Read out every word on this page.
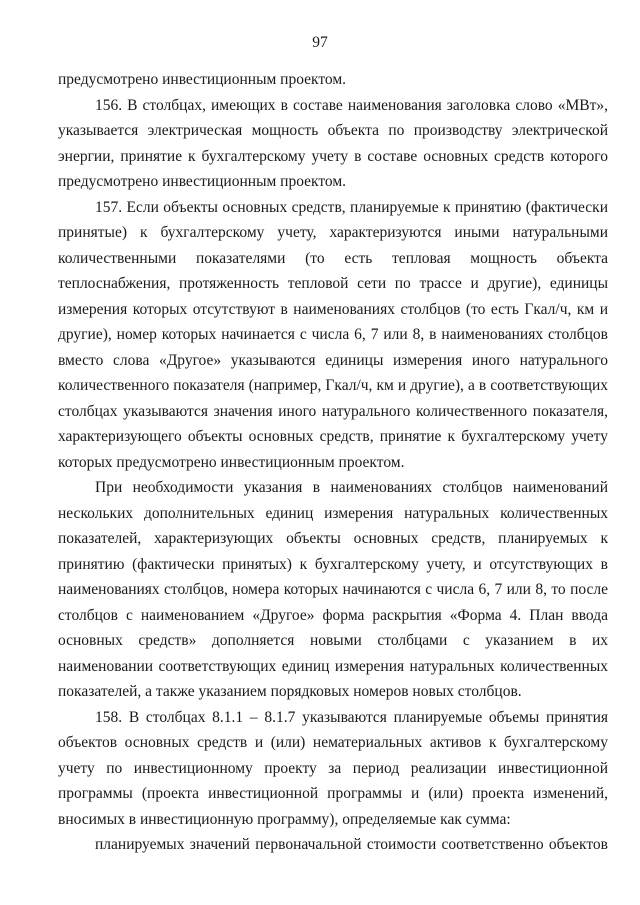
97

предусмотрено инвестиционным проектом.

156. В столбцах, имеющих в составе наименования заголовка слово «МВт», указывается электрическая мощность объекта по производству электрической энергии, принятие к бухгалтерскому учету в составе основных средств которого предусмотрено инвестиционным проектом.

157. Если объекты основных средств, планируемые к принятию (фактически принятые) к бухгалтерскому учету, характеризуются иными натуральными количественными показателями (то есть тепловая мощность объекта теплоснабжения, протяженность тепловой сети по трассе и другие), единицы измерения которых отсутствуют в наименованиях столбцов (то есть Гкал/ч, км и другие), номер которых начинается с числа 6, 7 или 8, в наименованиях столбцов вместо слова «Другое» указываются единицы измерения иного натурального количественного показателя (например, Гкал/ч, км и другие), а в соответствующих столбцах указываются значения иного натурального количественного показателя, характеризующего объекты основных средств, принятие к бухгалтерскому учету которых предусмотрено инвестиционным проектом.

При необходимости указания в наименованиях столбцов наименований нескольких дополнительных единиц измерения натуральных количественных показателей, характеризующих объекты основных средств, планируемых к принятию (фактически принятых) к бухгалтерскому учету, и отсутствующих в наименованиях столбцов, номера которых начинаются с числа 6, 7 или 8, то после столбцов с наименованием «Другое» форма раскрытия «Форма 4. План ввода основных средств» дополняется новыми столбцами с указанием в их наименовании соответствующих единиц измерения натуральных количественных показателей, а также указанием порядковых номеров новых столбцов.

158. В столбцах 8.1.1 – 8.1.7 указываются планируемые объемы принятия объектов основных средств и (или) нематериальных активов к бухгалтерскому учету по инвестиционному проекту за период реализации инвестиционной программы (проекта инвестиционной программы и (или) проекта изменений, вносимых в инвестиционную программу), определяемые как сумма:

планируемых значений первоначальной стоимости соответственно объектов
